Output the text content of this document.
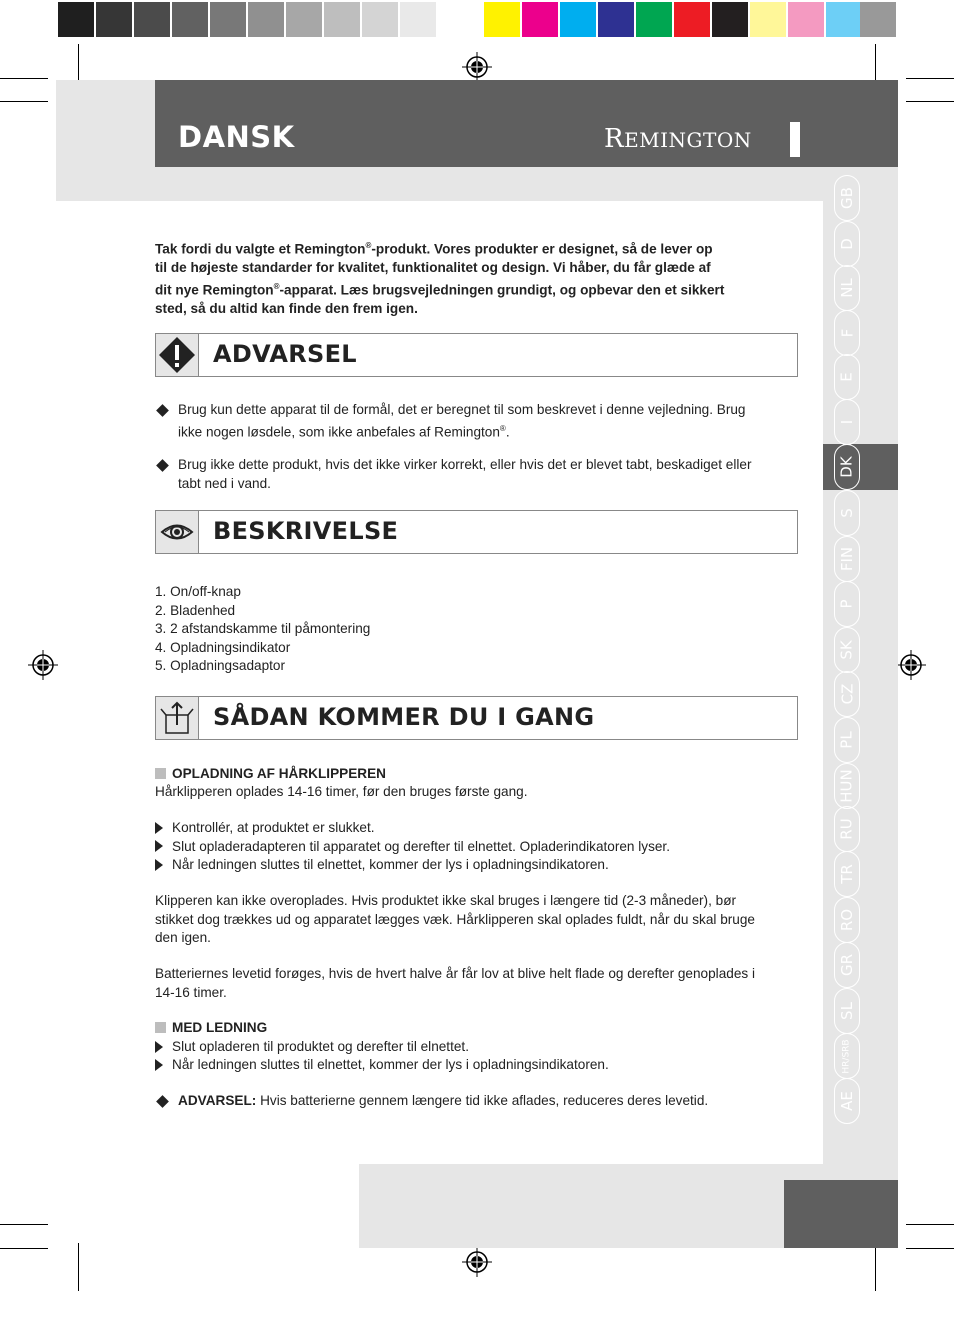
DANSK	REMINGTON
GB
D
NL
F
E
I
DK
S
FIN
P
SK
CZ
PL
HUN
RU
TR
RO
GR
SL
HR/SRB
AE
Tak fordi du valgte et Remington®-produkt. Vores produkter er designet, så de lever op
til de højeste standarder for kvalitet, funktionalitet og design. Vi håber, du får glæde af
dit nye Remington®-apparat. Læs brugsvejledningen grundigt, og opbevar den et sikkert
sted, så du altid kan finde den frem igen.
ADVARSEL
Brug kun dette apparat til de formål, det er beregnet til som beskrevet i denne vejledning. Brug
ikke nogen løsdele, som ikke anbefales af Remington®.
Brug ikke dette produkt, hvis det ikke virker korrekt, eller hvis det er blevet tabt, beskadiget eller
tabt ned i vand.
BESKRIVELSE
1. On/off-knap
2. Bladenhed
3. 2 afstandskamme til påmontering
4. Opladningsindikator
5. Opladningsadaptor
SÅDAN KOMMER DU I GANG
OPLADNING AF HÅRKLIPPEREN
Hårklipperen oplades 14-16 timer, før den bruges første gang.
Kontrollér, at produktet er slukket.
Slut opladeradapteren til apparatet og derefter til elnettet. Opladerindikatoren lyser.
Når ledningen sluttes til elnettet, kommer der lys i opladningsindikatoren.
Klipperen kan ikke overoplades. Hvis produktet ikke skal bruges i længere tid (2-3 måneder), bør
stikket dog trækkes ud og apparatet lægges væk. Hårklipperen skal oplades fuldt, når du skal bruge
den igen.
Batteriernes levetid forøges, hvis de hvert halve år får lov at blive helt flade og derefter genoplades i
14-16 timer.
MED LEDNING
Slut opladeren til produktet og derefter til elnettet.
Når ledningen sluttes til elnettet, kommer der lys i opladningsindikatoren.
ADVARSEL: Hvis batterierne gennem længere tid ikke aflades, reduceres deres levetid.
